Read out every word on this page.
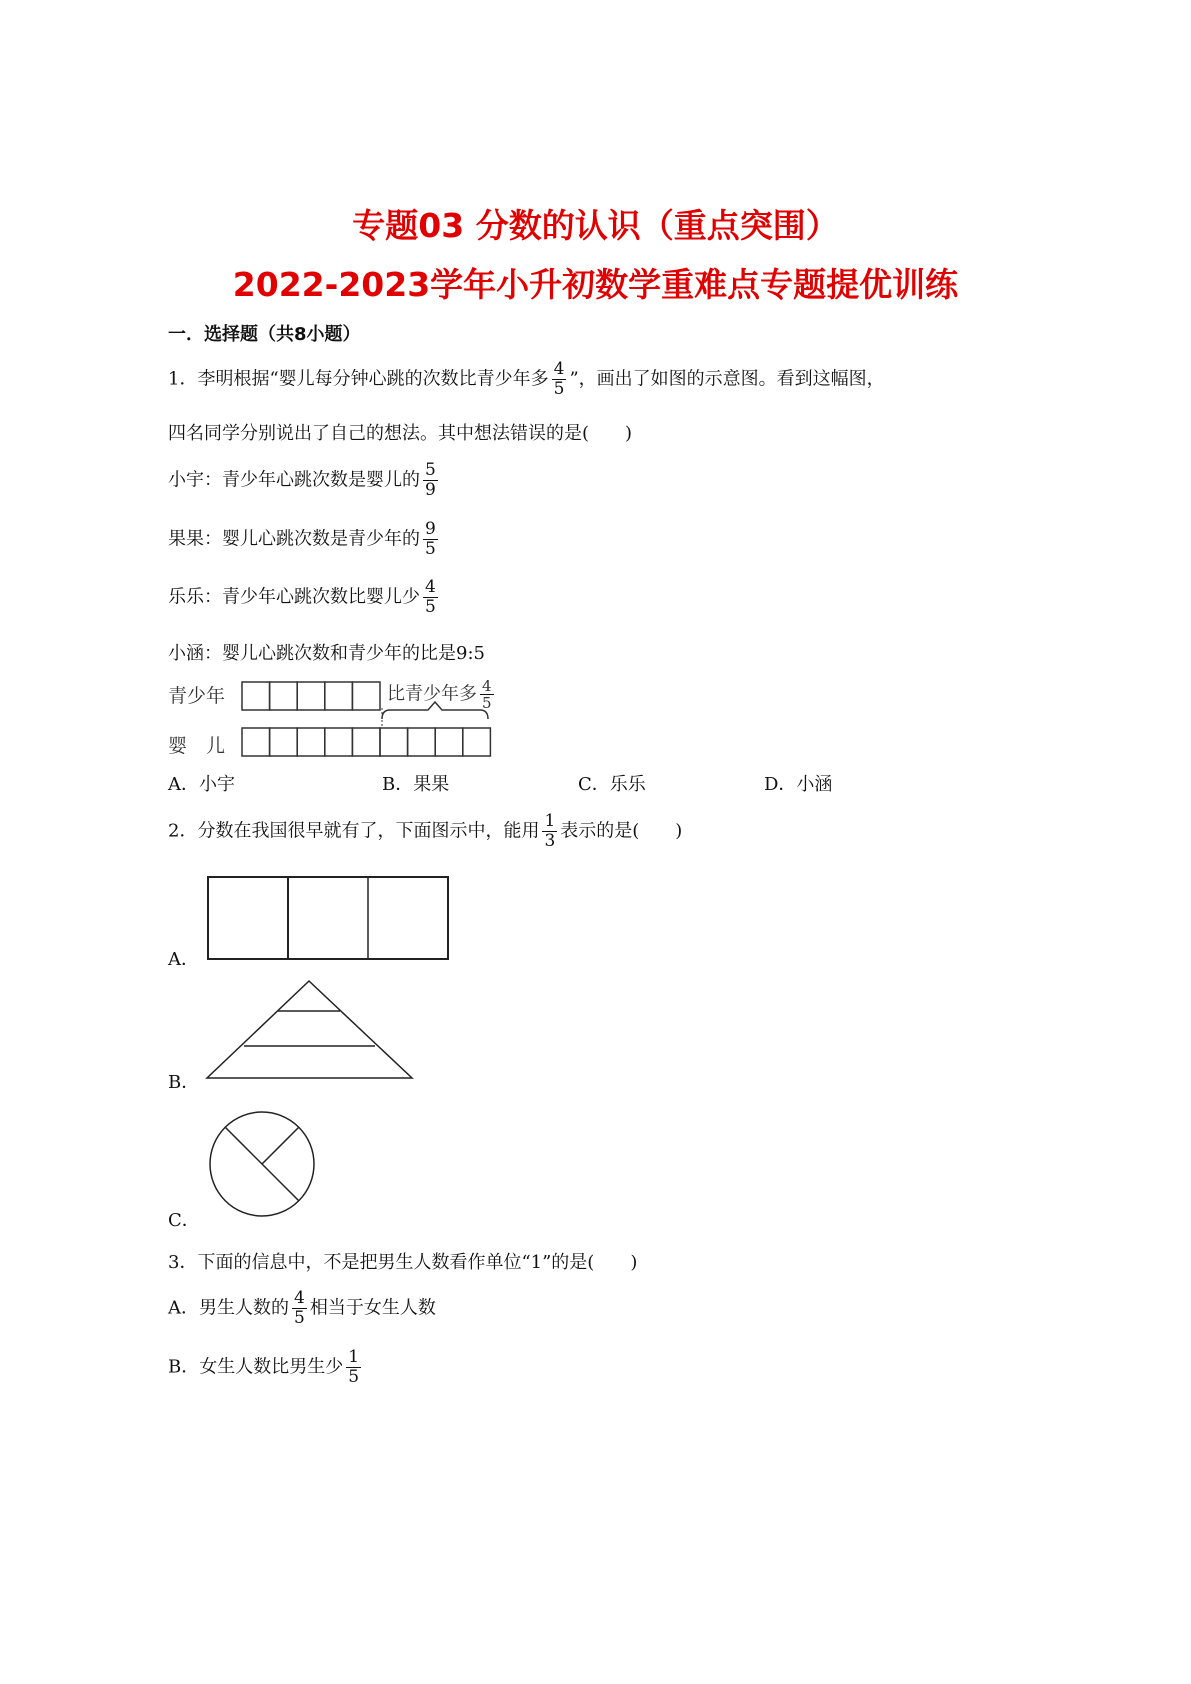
专题03 分数的认识（重点突围）
2022-2023学年小升初数学重难点专题提优训练
一．选择题（共8小题）
1．李明根据“婴儿每分钟心跳的次数比青少年多 $\frac{4}{5}$ ”，画出了如图的示意图。看到这幅图，
四名同学分别说出了自己的想法。其中想法错误的是(　　)
小宇：青少年心跳次数是婴儿的 $\frac{5}{9}$
果果：婴儿心跳次数是青少年的 $\frac{9}{5}$
乐乐：青少年心跳次数比婴儿少 $\frac{4}{5}$
小涵：婴儿心跳次数和青少年的比是9:5
青少年
婴　儿
比青少年多 $\frac{4}{5}$
A．小宇	B．果果	C．乐乐	D．小涵
2．分数在我国很早就有了，下面图示中，能用 $\frac{1}{3}$ 表示的是(　　)
A．
B．
C．
3．下面的信息中，不是把男生人数看作单位“1”的是(　　)
A．男生人数的 $\frac{4}{5}$ 相当于女生人数
B．女生人数比男生少 $\frac{1}{5}$
